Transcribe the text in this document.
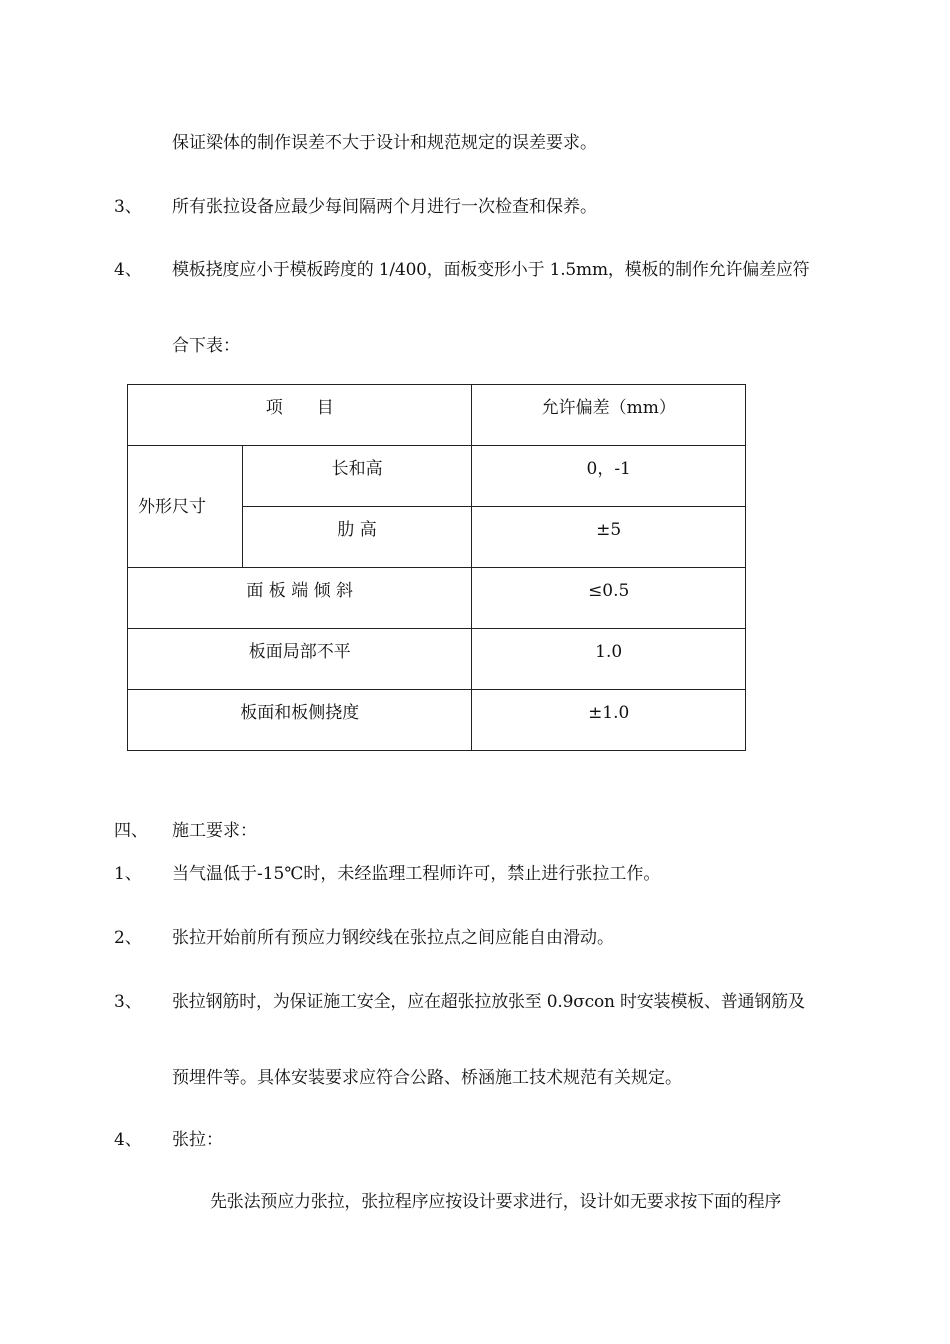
保证梁体的制作误差不大于设计和规范规定的误差要求。
3、 所有张拉设备应最少每间隔两个月进行一次检查和保养。
4、 模板挠度应小于模板跨度的 1/400，面板变形小于 1.5mm，模板的制作允许偏差应符
合下表：
项　　目		允许偏差（mm）

外形尺寸	长和高	0，-1

	肋 高	±5

面 板 端 倾 斜		≤0.5

板面局部不平		1.0

板面和板侧挠度		±1.0
四、 施工要求：
1、 当气温低于-15℃时，未经监理工程师许可，禁止进行张拉工作。
2、 张拉开始前所有预应力钢绞线在张拉点之间应能自由滑动。
3、 张拉钢筋时，为保证施工安全，应在超张拉放张至 0.9σcon 时安装模板、普通钢筋及
预埋件等。具体安装要求应符合公路、桥涵施工技术规范有关规定。
4、 张拉：
先张法预应力张拉，张拉程序应按设计要求进行，设计如无要求按下面的程序
